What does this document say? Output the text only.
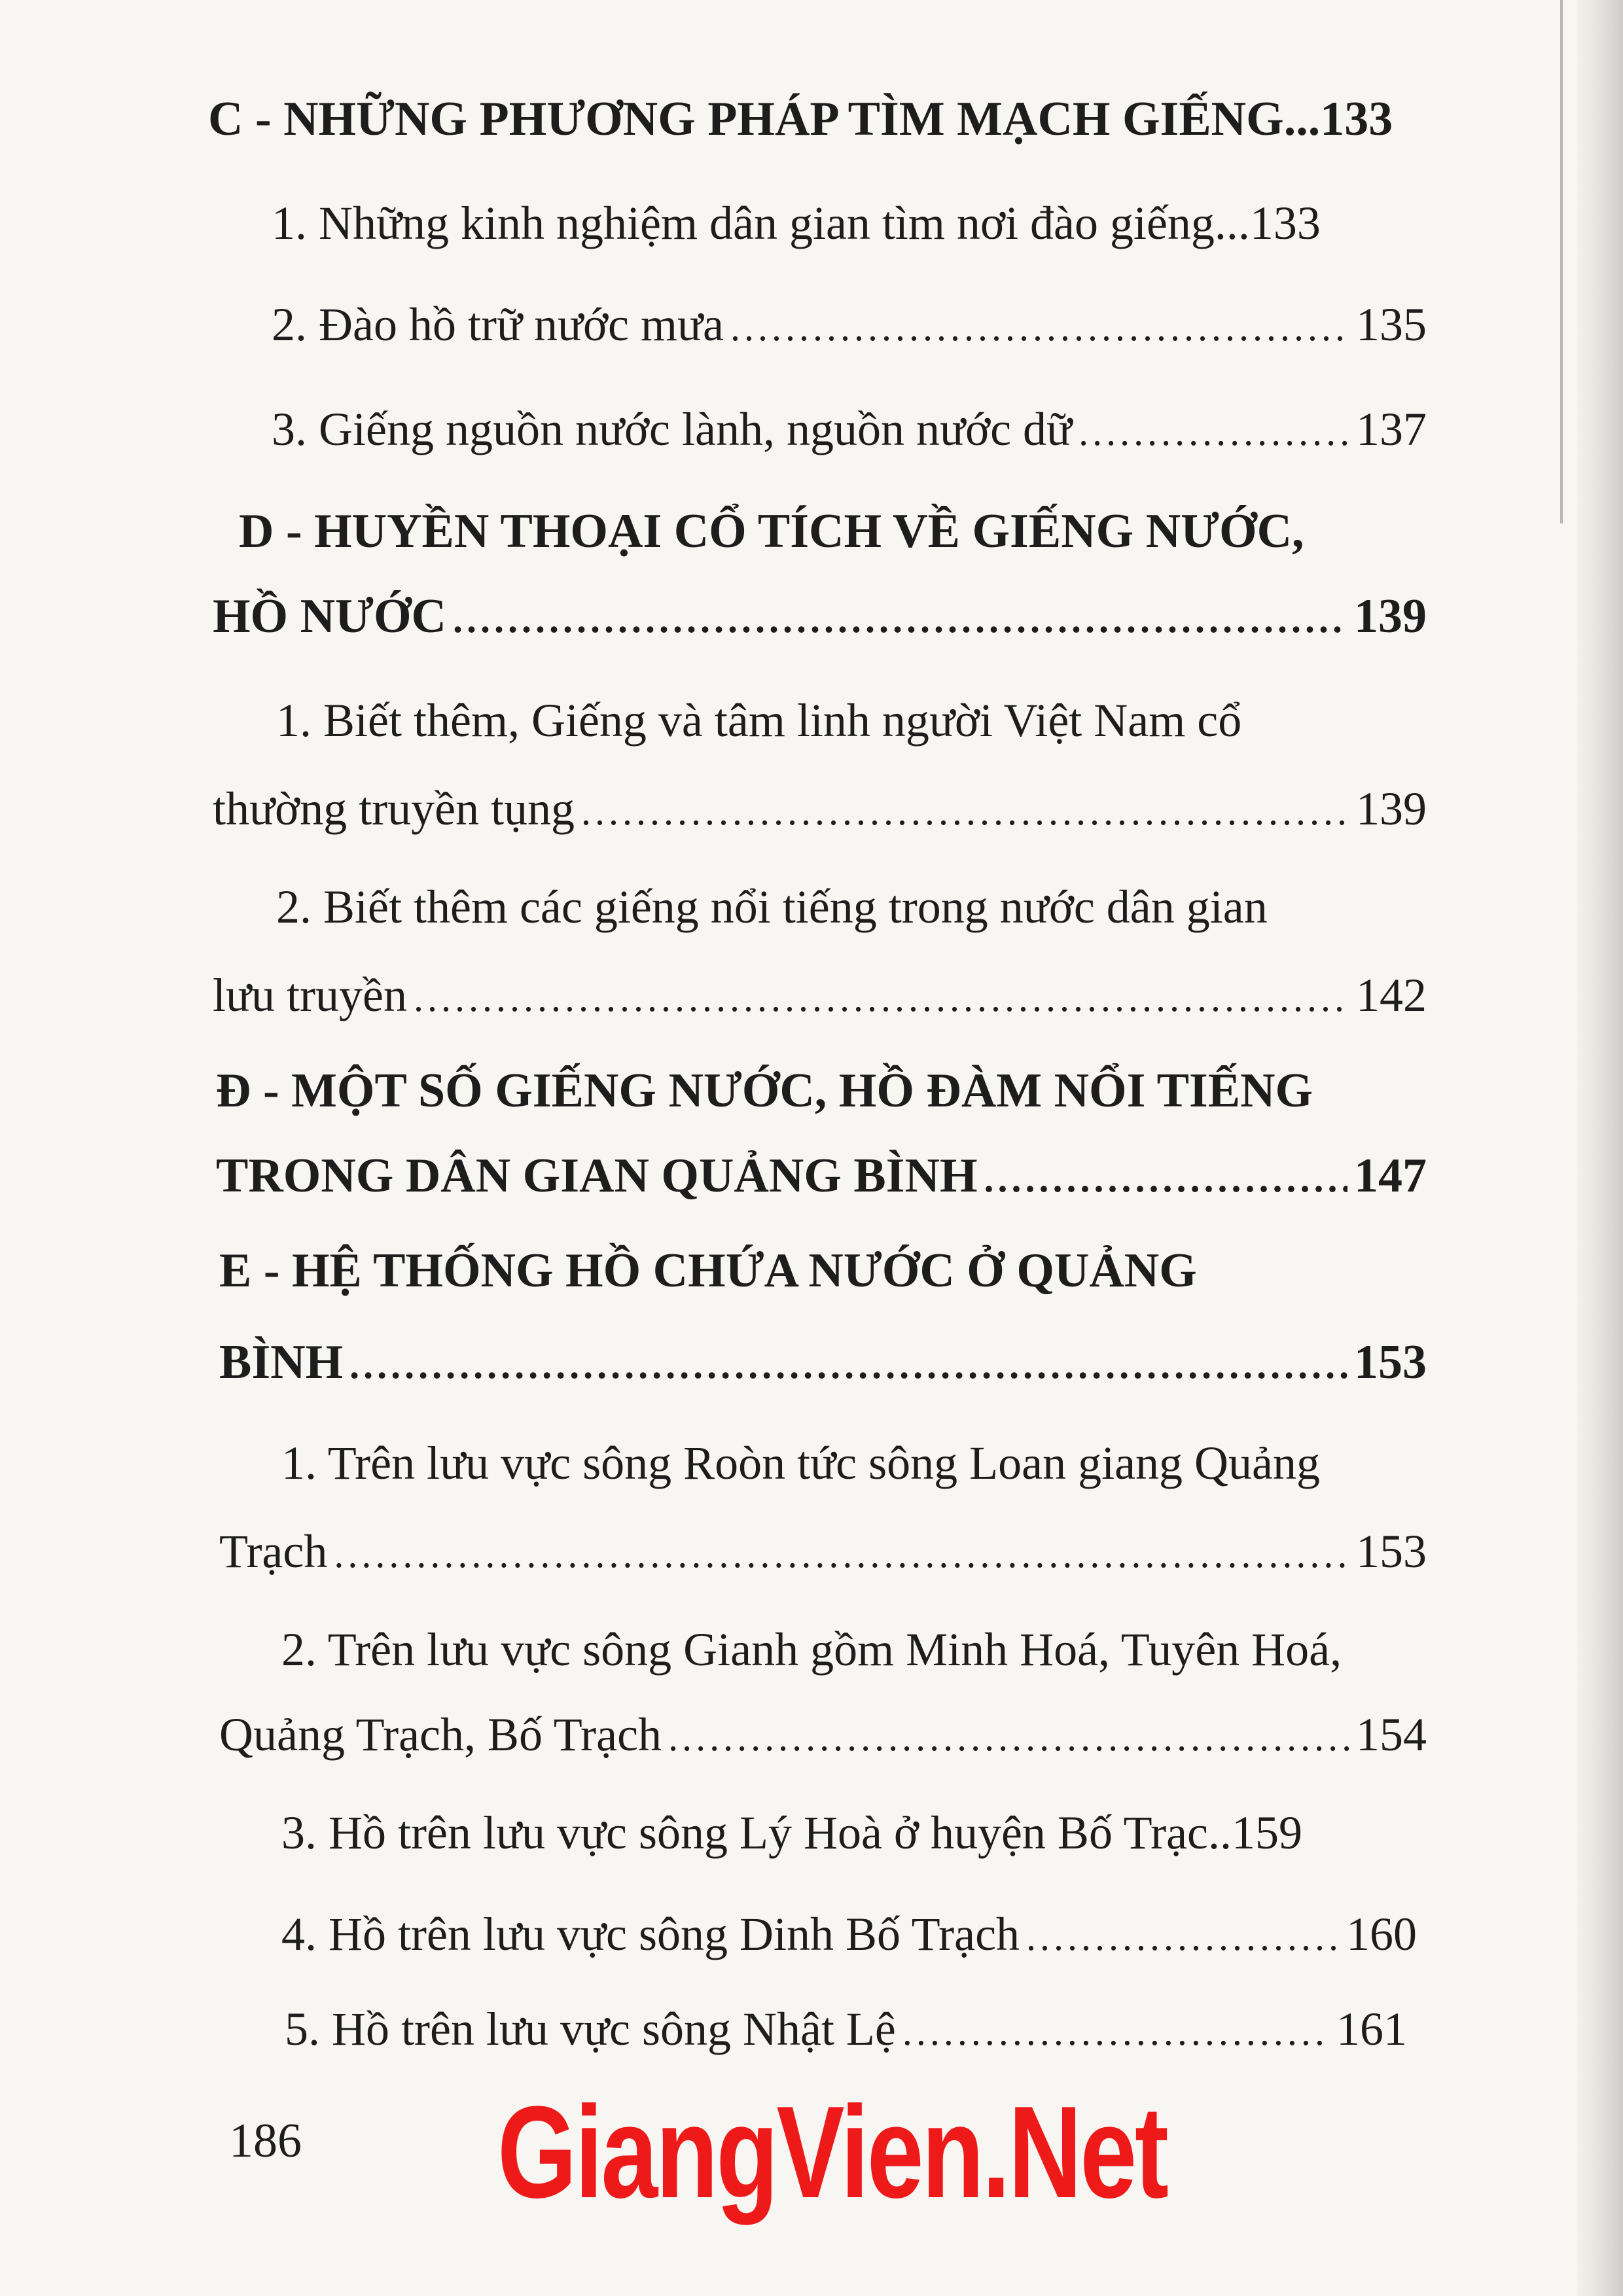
C - NHỮNG PHƯƠNG PHÁP TÌM MẠCH GIẾNG ... 133
1. Những kinh nghiệm dân gian tìm nơi đào giếng ... 133
2. Đào hồ trữ nước mưa .....	135
3. Giếng nguồn nước lành, nguồn nước dữ .....	137
D - HUYỀN THOẠI CỔ TÍCH VỀ GIẾNG NƯỚC,
HỒ NƯỚC .....	139
1. Biết thêm, Giếng và tâm linh người Việt Nam cổ
thường truyền tụng .....	139
2. Biết thêm các giếng nổi tiếng trong nước dân gian
lưu truyền .....	142
Đ - MỘT SỐ GIẾNG NƯỚC, HỒ ĐÀM NỔI TIẾNG
TRONG DÂN GIAN QUẢNG BÌNH .....	147
E - HỆ THỐNG HỒ CHỨA NƯỚC Ở QUẢNG
BÌNH .....	153
1. Trên lưu vực sông Roòn tức sông Loan giang Quảng
Trạch .....	153
2. Trên lưu vực sông Gianh gồm Minh Hoá, Tuyên Hoá,
Quảng Trạch, Bố Trạch .....	154
3. Hồ trên lưu vực sông Lý Hoà ở huyện Bố Trạc .. 159
4. Hồ trên lưu vực sông Dinh Bố Trạch .....	160
5. Hồ trên lưu vực sông Nhật Lệ .....	161
186 GiangVien.Net
